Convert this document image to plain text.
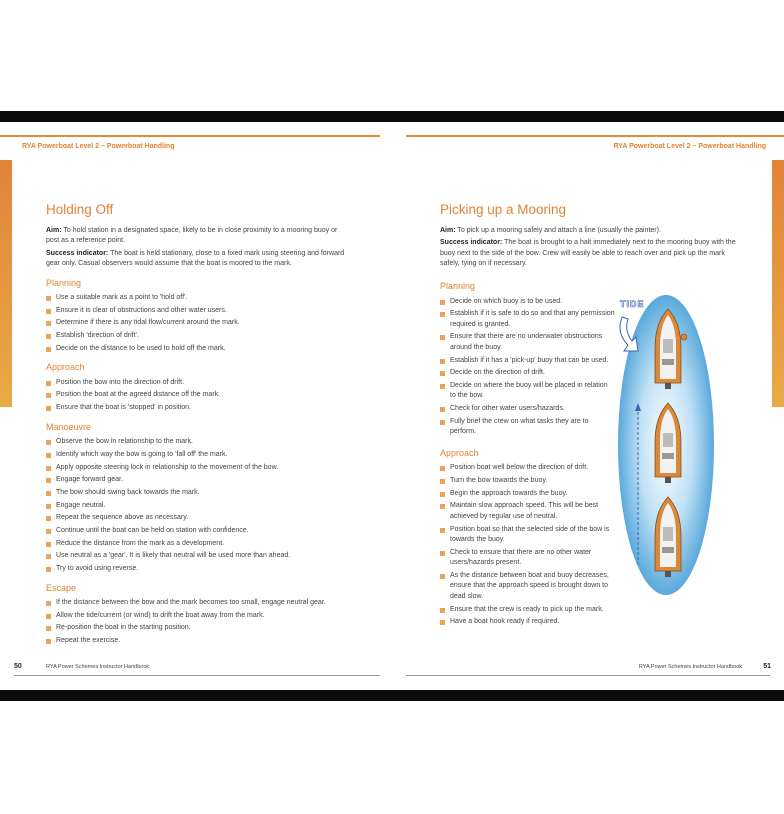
RYA Powerboat Level 2 – Powerboat Handling	RYA Powerboat Level 2 – Powerboat Handling
Holding Off

Aim: To hold station in a designated space, likely to be in close proximity to a mooring buoy or post as a reference point.

Success indicator: The boat is held stationary, close to a fixed mark using steering and forward gear only. Casual observers would assume that the boat is moored to the mark.

Planning
Use a suitable mark as a point to 'hold off'.
Ensure it is clear of obstructions and other water users.
Determine if there is any tidal flow/current around the mark.
Establish 'direction of drift'.
Decide on the distance to be used to hold off the mark.
Approach
Position the bow into the direction of drift.
Position the boat at the agreed distance off the mark.
Ensure that the boat is 'stopped' in position.
Manoeuvre
Observe the bow in relationship to the mark.
Identify which way the bow is going to 'fall off' the mark.
Apply opposite steering lock in relationship to the movement of the bow.
Engage forward gear.
The bow should swing back towards the mark.
Engage neutral.
Repeat the sequence above as necessary.
Continue until the boat can be held on station with confidence.
Reduce the distance from the mark as a development.
Use neutral as a 'gear'. It is likely that neutral will be used more than ahead.
Try to avoid using reverse.
Escape
If the distance between the bow and the mark becomes too small, engage neutral gear.
Allow the tide/current (or wind) to drift the boat away from the mark.
Re-position the boat in the starting position.
Repeat the exercise.
Picking up a Mooring

Aim: To pick up a mooring safely and attach a line (usually the painter).

Success indicator: The boat is brought to a halt immediately next to the mooring buoy with the buoy next to the side of the bow. Crew will easily be able to reach over and pick up the mark safely, tying on if necessary.

Planning
Decide on which buoy is to be used.
Establish if it is safe to do so and that any permission required is granted.
Ensure that there are no underwater obstructions around the buoy.
Establish if it has a 'pick-up' buoy that can be used.
Decide on the direction of drift.
Decide on where the buoy will be placed in relation to the bow.
Check for other water users/hazards.
Fully brief the crew on what tasks they are to perform.
Approach
Position boat well below the direction of drift.
Turn the bow towards the buoy.
Begin the approach towards the buoy.
Maintain slow approach speed. This will be best achieved by regular use of neutral.
Position boat so that the selected side of the bow is towards the buoy.
Check to ensure that there are no other water users/hazards present.
As the distance between boat and buoy decreases, ensure that the approach speed is brought down to dead slow.
Ensure that the crew is ready to pick up the mark.
Have a boat hook ready if required.
TIDE
50	RYA Power Schemes Instructor Handbook	RYA Power Schemes Instructor Handbook	51
